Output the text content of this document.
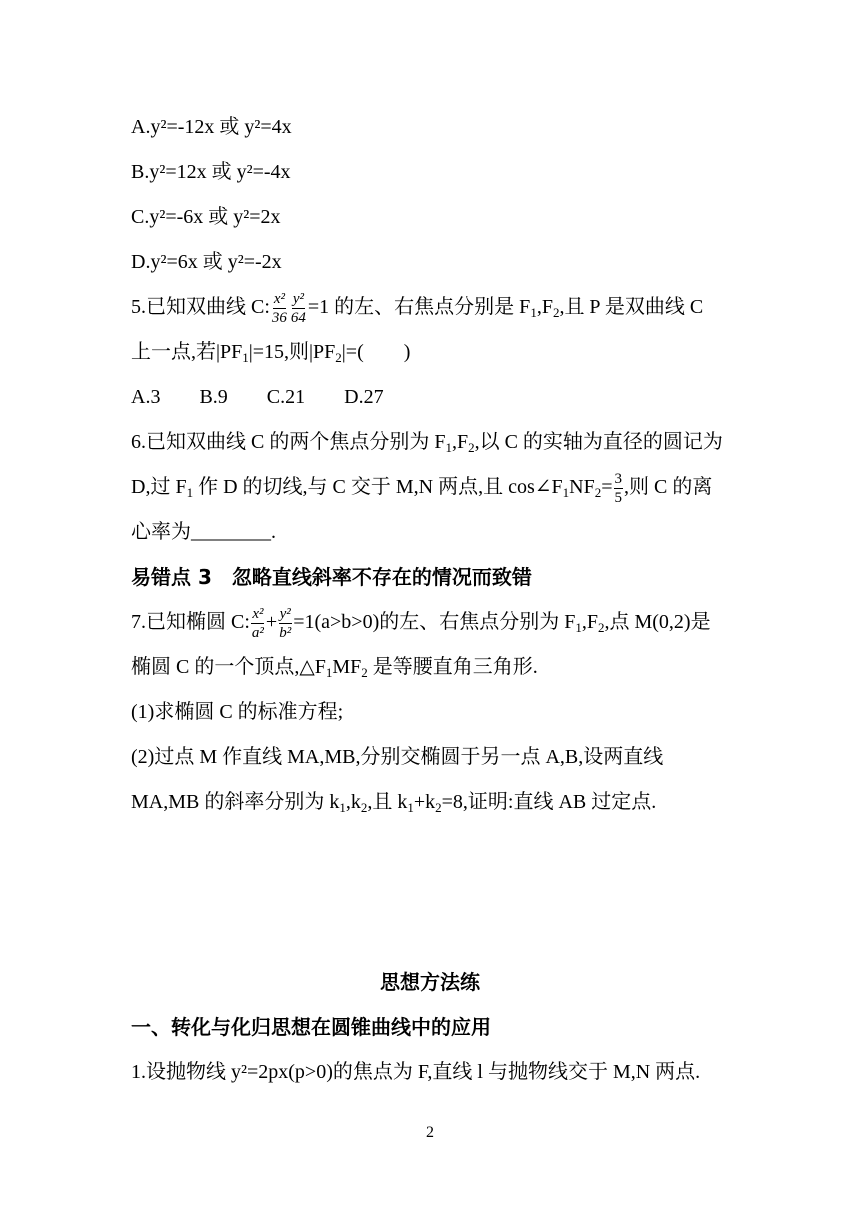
A.y²=-12x 或 y²=4x
B.y²=12x 或 y²=-4x
C.y²=-6x 或 y²=2x
D.y²=6x 或 y²=-2x
5.已知双曲线 C: $\frac{\text{x²}}{36} \frac{\text{y²}}{64} =1$ 的左、右焦点分别是 $F_1,F_2$,且 P 是双曲线 C
上一点,若$|PF_1|=15$,则$|PF_2|=$(        )
A.3 B.9 C.21 D.27
6.已知双曲线 C 的两个焦点分别为 $F_1,F_2$,以 C 的实轴为直径的圆记为
D,过 $F_1$ 作 D 的切线,与 C 交于 M,N 两点,且 $\cos\angle F_1NF_2= \frac{3}{5}$ ,则 C 的离
心率为________.
易错点 3 忽略直线斜率不存在的情况而致错
7.已知椭圆 C: $\frac{\text{x²}}{\text{a²}} + \frac{\text{y²}}{\text{b²}} =1(a>b>0)$的左、右焦点分别为 $F_1,F_2$,点 M(0,2)是
椭圆 C 的一个顶点$,\triangle F_1MF_2$ 是等腰直角三角形.
(1)求椭圆 C 的标准方程;
(2)过点 M 作直线 MA,MB,分别交椭圆于另一点 A,B,设两直线
MA,MB 的斜率分别为 $k_1,k_2$,且 $k_1+k_2=8$,证明:直线 AB 过定点.
思想方法练
一、转化与化归思想在圆锥曲线中的应用
1.设抛物线 y²=2px(p>0)的焦点为 F,直线 l 与抛物线交于 M,N 两点.
2
